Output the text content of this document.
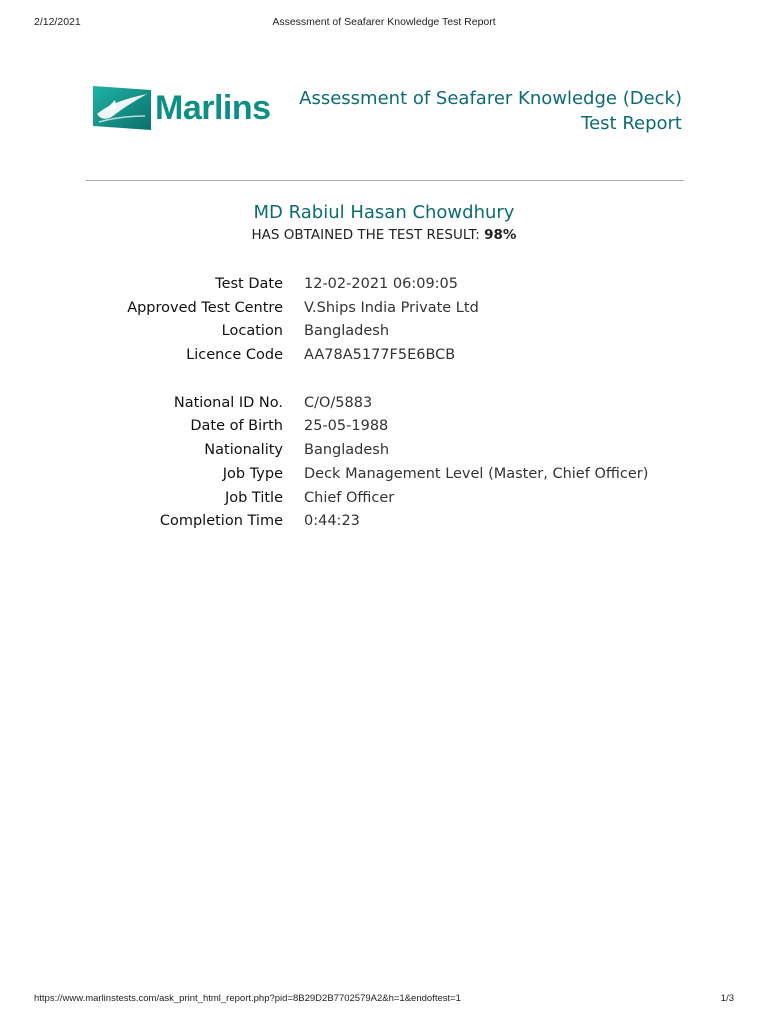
2/12/2021	Assessment of Seafarer Knowledge Test Report
Marlins Assessment of Seafarer Knowledge (Deck)
Test Report
MD Rabiul Hasan Chowdhury
HAS OBTAINED THE TEST RESULT: 98%
Test Date 12-02-2021 06:09:05
Approved Test Centre V.Ships India Private Ltd
Location Bangladesh
Licence Code AA78A5177F5E6BCB
National ID No. C/O/5883
Date of Birth 25-05-1988
Nationality Bangladesh
Job Type Deck Management Level (Master, Chief Officer)
Job Title Chief Officer
Completion Time 0:44:23
https://www.marlinstests.com/ask_print_html_report.php?pid=8B29D2B7702579A2&h=1&endoftest=1	1/3
